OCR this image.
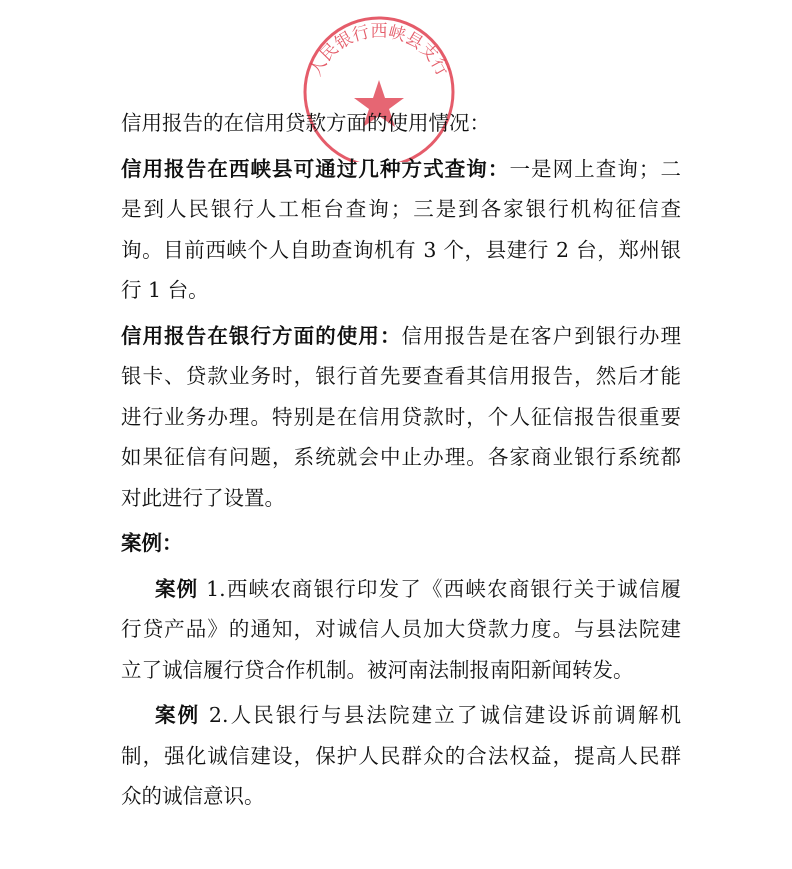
人民银行西峡县支行
信用报告的在信用贷款方面的使用情况：
信用报告在西峡县可通过几种方式查询：一是网上查询；二
是到人民银行人工柜台查询；三是到各家银行机构征信查
询。目前西峡个人自助查询机有 3 个，县建行 2 台，郑州银
行 1 台。
信用报告在银行方面的使用：信用报告是在客户到银行办理
银卡、贷款业务时，银行首先要查看其信用报告，然后才能
进行业务办理。特别是在信用贷款时，个人征信报告很重要
如果征信有问题，系统就会中止办理。各家商业银行系统都
对此进行了设置。
案例：
案例 1.西峡农商银行印发了《西峡农商银行关于诚信履
行贷产品》的通知，对诚信人员加大贷款力度。与县法院建
立了诚信履行贷合作机制。被河南法制报南阳新闻转发。
案例 2.人民银行与县法院建立了诚信建设诉前调解机
制，强化诚信建设，保护人民群众的合法权益，提高人民群
众的诚信意识。
